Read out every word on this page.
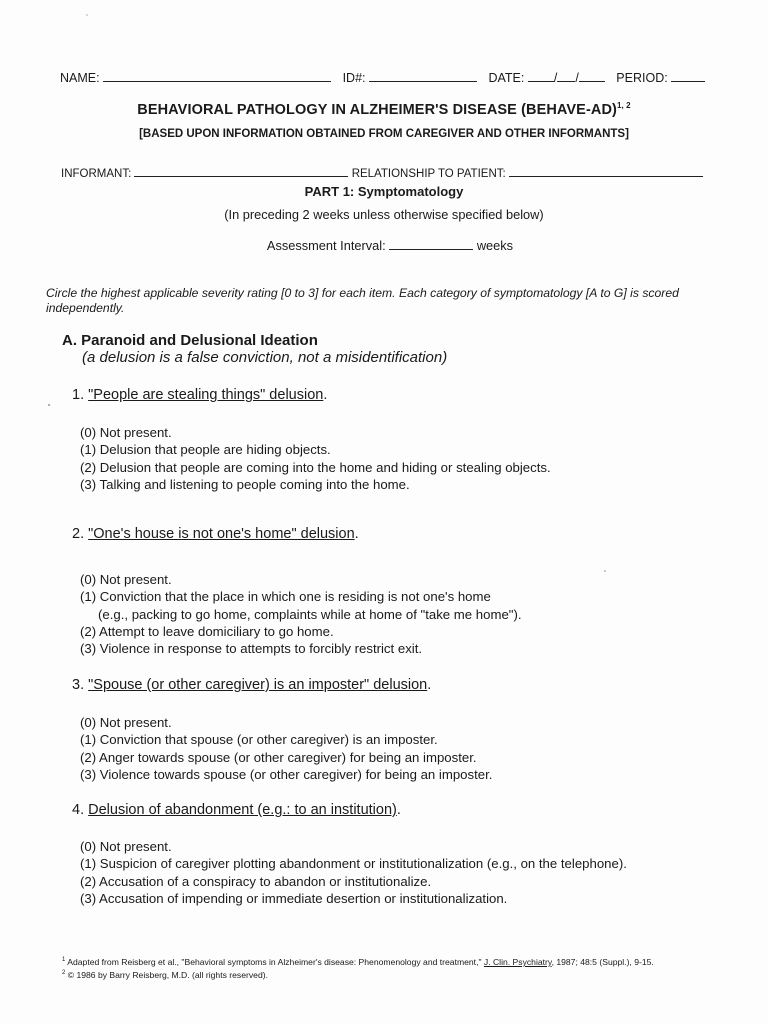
NAME:	ID#:	DATE: / /	PERIOD:
BEHAVIORAL PATHOLOGY IN ALZHEIMER'S DISEASE (BEHAVE-AD)$^{1, 2}$
[BASED UPON INFORMATION OBTAINED FROM CAREGIVER AND OTHER INFORMANTS]
INFORMANT:	RELATIONSHIP TO PATIENT:
PART 1: Symptomatology
(In preceding 2 weeks unless otherwise specified below)
Assessment Interval:	weeks
Circle the highest applicable severity rating [0 to 3] for each item. Each category of symptomatology [A to G] is scored independently.
A. Paranoid and Delusional Ideation
(a delusion is a false conviction, not a misidentification)
1. "People are stealing things" delusion.
(0) Not present.
(1) Delusion that people are hiding objects.
(2) Delusion that people are coming into the home and hiding or stealing objects.
(3) Talking and listening to people coming into the home.
2. "One's house is not one's home" delusion.
(0) Not present.
(1) Conviction that the place in which one is residing is not one's home
(e.g., packing to go home, complaints while at home of "take me home").
(2) Attempt to leave domiciliary to go home.
(3) Violence in response to attempts to forcibly restrict exit.
3. "Spouse (or other caregiver) is an imposter" delusion.
(0) Not present.
(1) Conviction that spouse (or other caregiver) is an imposter.
(2) Anger towards spouse (or other caregiver) for being an imposter.
(3) Violence towards spouse (or other caregiver) for being an imposter.
4. Delusion of abandonment (e.g.: to an institution).
(0) Not present.
(1) Suspicion of caregiver plotting abandonment or institutionalization (e.g., on the telephone).
(2) Accusation of a conspiracy to abandon or institutionalize.
(3) Accusation of impending or immediate desertion or institutionalization.
$^1$ Adapted from Reisberg et al., "Behavioral symptoms in Alzheimer's disease: Phenomenology and treatment," J. Clin. Psychiatry, 1987; 48:5 (Suppl.), 9-15.
$^2$ © 1986 by Barry Reisberg, M.D. (all rights reserved).
